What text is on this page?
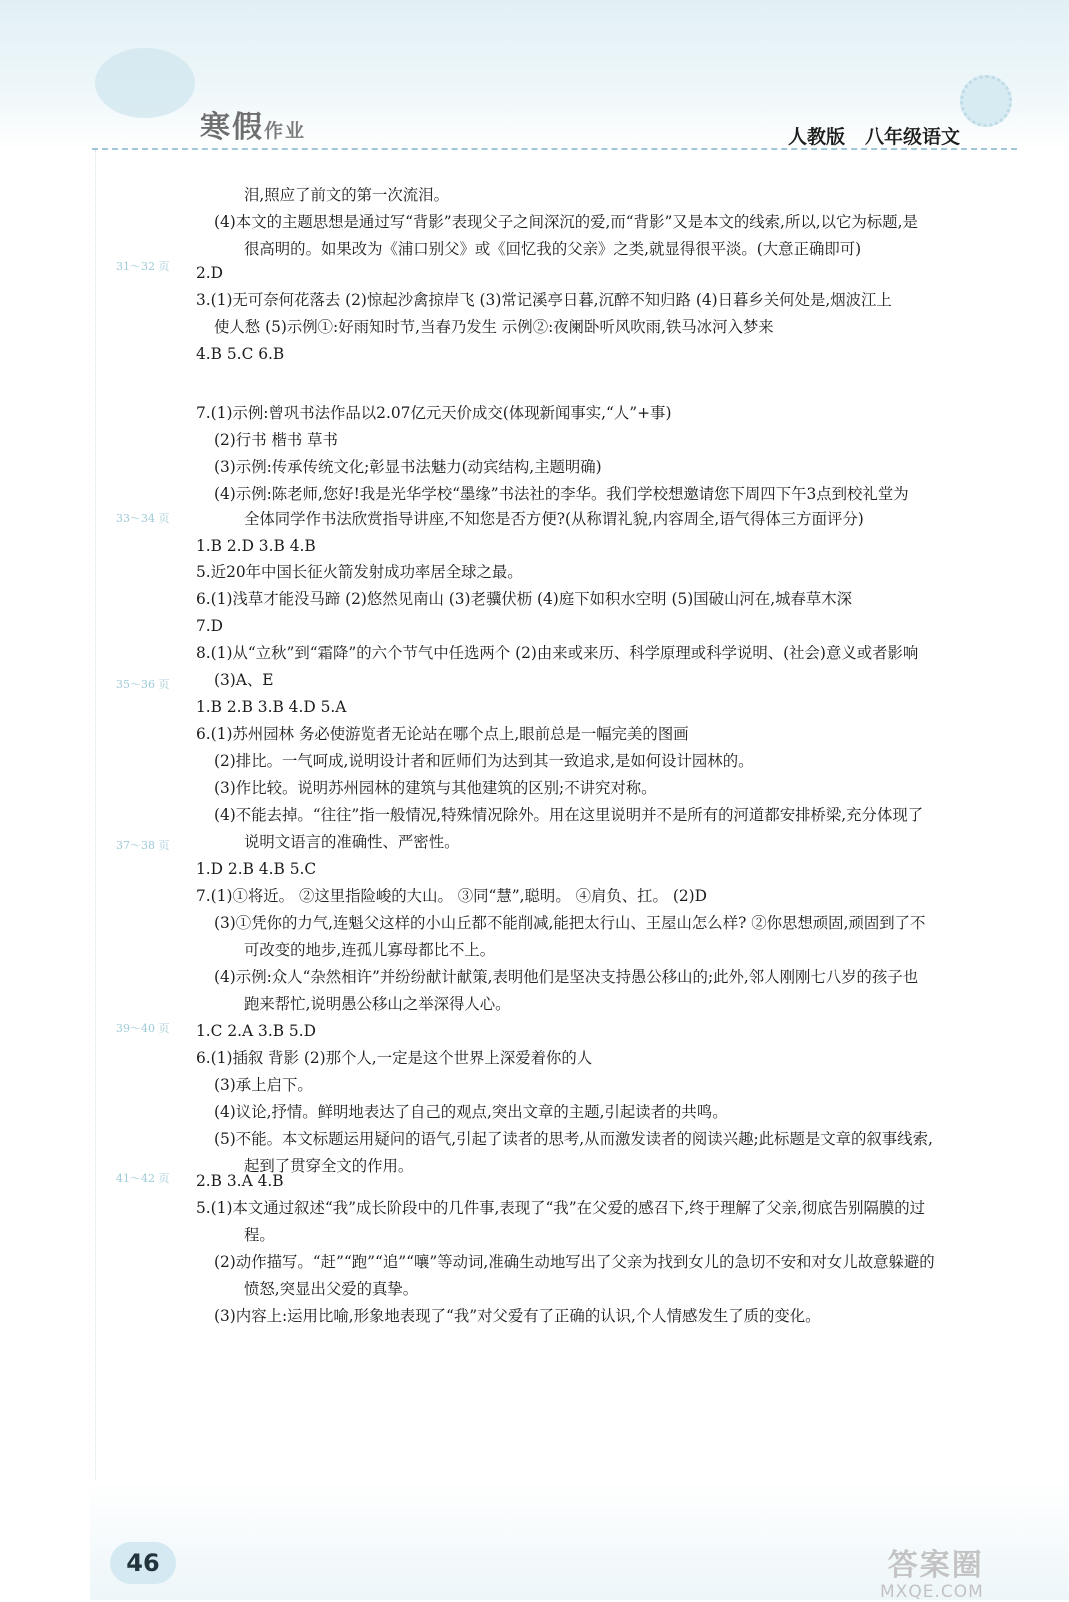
寒假作业	人教版 八年级语文
31～32 页
33～34 页
35～36 页
37～38 页
39～40 页
41～42 页
泪,照应了前文的第一次流泪。
(4)本文的主题思想是通过写“背影”表现父子之间深沉的爱,而“背影”又是本文的线索,所以,以它为标题,是
很高明的。如果改为《浦口别父》或《回忆我的父亲》之类,就显得很平淡。(大意正确即可)
2.D
3.(1)无可奈何花落去 (2)惊起沙禽掠岸飞 (3)常记溪亭日暮,沉醉不知归路 (4)日暮乡关何处是,烟波江上
使人愁 (5)示例①:好雨知时节,当春乃发生 示例②:夜阑卧听风吹雨,铁马冰河入梦来
4.B 5.C 6.B
7.(1)示例:曾巩书法作品以2.07亿元天价成交(体现新闻事实,“人”+事)
(2)行书 楷书 草书
(3)示例:传承传统文化;彰显书法魅力(动宾结构,主题明确)
(4)示例:陈老师,您好!我是光华学校“墨缘”书法社的李华。我们学校想邀请您下周四下午3点到校礼堂为
全体同学作书法欣赏指导讲座,不知您是否方便?(从称谓礼貌,内容周全,语气得体三方面评分)
1.B 2.D 3.B 4.B
5.近20年中国长征火箭发射成功率居全球之最。
6.(1)浅草才能没马蹄 (2)悠然见南山 (3)老骥伏枥 (4)庭下如积水空明 (5)国破山河在,城春草木深
7.D
8.(1)从“立秋”到“霜降”的六个节气中任选两个 (2)由来或来历、科学原理或科学说明、(社会)意义或者影响
(3)A、E
1.B 2.B 3.B 4.D 5.A
6.(1)苏州园林 务必使游览者无论站在哪个点上,眼前总是一幅完美的图画
(2)排比。一气呵成,说明设计者和匠师们为达到其一致追求,是如何设计园林的。
(3)作比较。说明苏州园林的建筑与其他建筑的区别;不讲究对称。
(4)不能去掉。“往往”指一般情况,特殊情况除外。用在这里说明并不是所有的河道都安排桥梁,充分体现了
说明文语言的准确性、严密性。
1.D 2.B 4.B 5.C
7.(1)①将近。 ②这里指险峻的大山。 ③同“慧”,聪明。 ④肩负、扛。 (2)D
(3)①凭你的力气,连魁父这样的小山丘都不能削减,能把太行山、王屋山怎么样? ②你思想顽固,顽固到了不
可改变的地步,连孤儿寡母都比不上。
(4)示例:众人“杂然相许”并纷纷献计献策,表明他们是坚决支持愚公移山的;此外,邻人刚刚七八岁的孩子也
跑来帮忙,说明愚公移山之举深得人心。
1.C 2.A 3.B 5.D
6.(1)插叙 背影 (2)那个人,一定是这个世界上深爱着你的人
(3)承上启下。
(4)议论,抒情。鲜明地表达了自己的观点,突出文章的主题,引起读者的共鸣。
(5)不能。本文标题运用疑问的语气,引起了读者的思考,从而激发读者的阅读兴趣;此标题是文章的叙事线索,
起到了贯穿全文的作用。
2.B 3.A 4.B
5.(1)本文通过叙述“我”成长阶段中的几件事,表现了“我”在父爱的感召下,终于理解了父亲,彻底告别隔膜的过
程。
(2)动作描写。“赶”“跑”“追”“嚷”等动词,准确生动地写出了父亲为找到女儿的急切不安和对女儿故意躲避的
愤怒,突显出父爱的真挚。
(3)内容上:运用比喻,形象地表现了“我”对父爱有了正确的认识,个人情感发生了质的变化。
46	答案圈
MXQE.COM
